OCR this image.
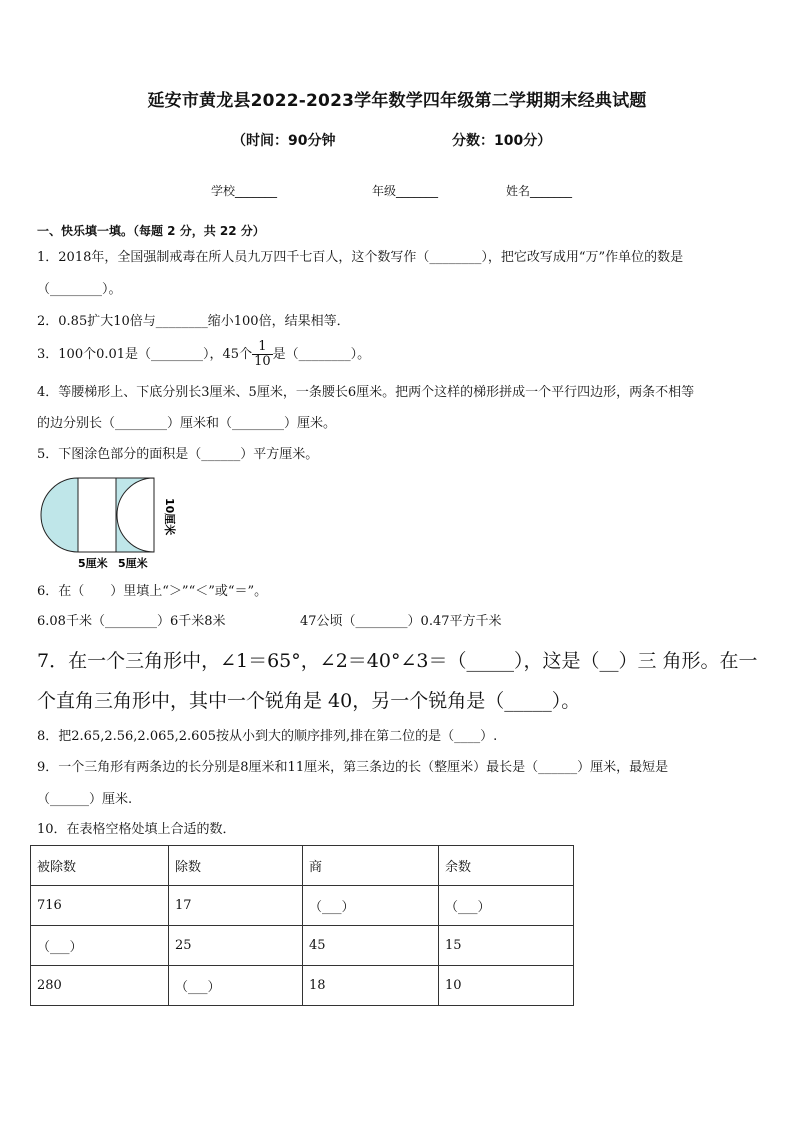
延安市黄龙县2022-2023学年数学四年级第二学期期末经典试题
（时间：90分钟	分数：100分）
学校_______	年级_______	姓名_______
一、快乐填一填。（每题 2 分，共 22 分）
1．2018年，全国强制戒毒在所人员九万四千七百人，这个数写作（________），把它改写成用“万”作单位的数是
（________）。
2．0.85扩大10倍与________缩小100倍，结果相等．
3．100个0.01是（________），45个 $\frac{1}{10}$ 是（________）。
4．等腰梯形上、下底分别长3厘米、5厘米，一条腰长6厘米。把两个这样的梯形拼成一个平行四边形，两条不相等
的边分别长（________）厘米和（________）厘米。
5．下图涂色部分的面积是（______）平方厘米。
5厘米 5厘米
10厘米
6．在（　　）里填上“＞”“＜”或“＝”。
6.08千米（________）6千米8米	47公顷（________）0.47平方千米
7．在一个三角形中，∠1＝65°，∠2＝40°∠3＝（_____），这是（__）三 角形。在一
个直角三角形中，其中一个锐角是 40，另一个锐角是（_____）。
8．把2.65,2.56,2.065,2.605按从小到大的顺序排列,排在第二位的是（____）.
9．一个三角形有两条边的长分别是8厘米和11厘米，第三条边的长（整厘米）最长是（______）厘米，最短是
（______）厘米.
10．在表格空格处填上合适的数．
被除数	除数	商	余数
716	17	（___）	（___）
（___）	25	45	15
280	（___）	18	10
